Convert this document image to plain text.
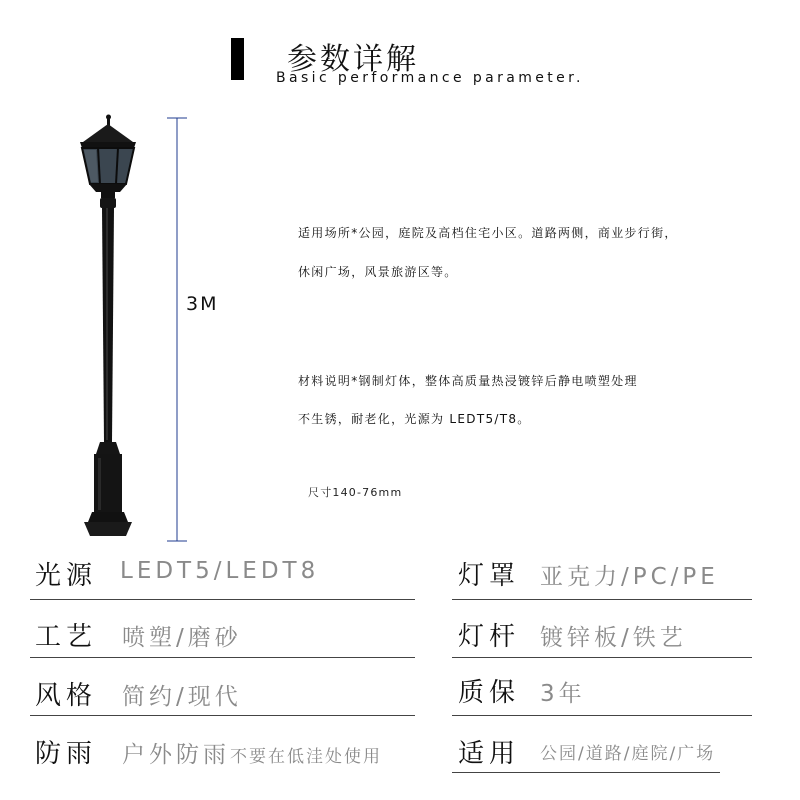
参数详解
Basic performance parameter.
3M
适用场所*公园，庭院及高档住宅小区。道路两侧，商业步行街，
休闲广场，风景旅游区等。
材料说明*钢制灯体，整体高质量热浸镀锌后静电喷塑处理
不生锈，耐老化，光源为 LEDT5/T8。
尺寸140-76mm
光源 LEDT5/LEDT8	灯罩 亚克力/PC/PE
工艺 喷塑/磨砂	灯杆 镀锌板/铁艺
风格 简约/现代	质保 3年
防雨 户外防雨不要在低洼处使用	适用 公园/道路/庭院/广场
